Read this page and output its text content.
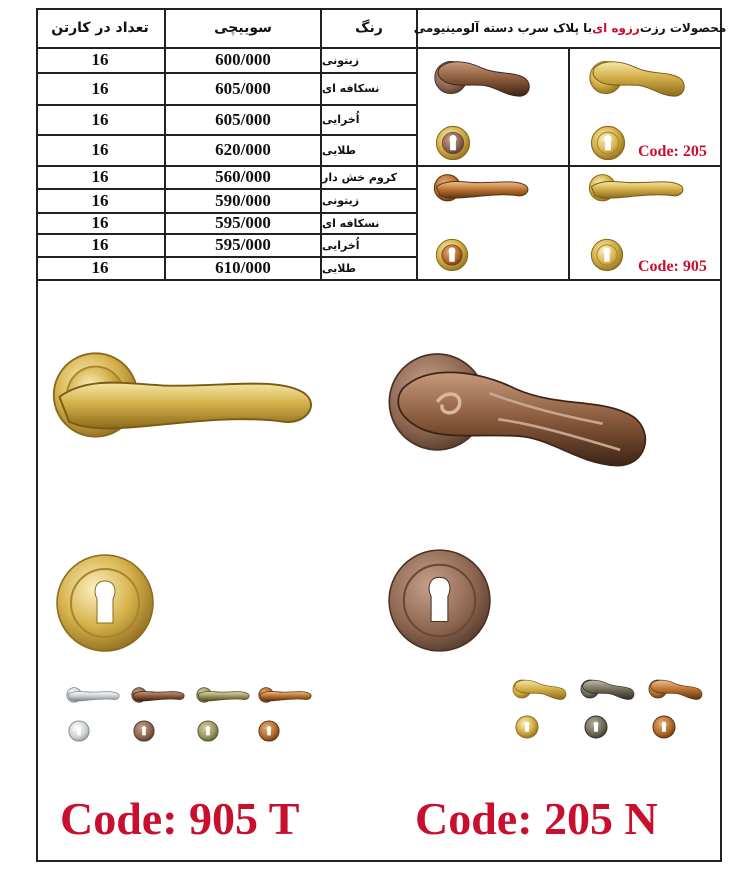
تعداد در کارتن	سوییچی	رنگ	محصولات رزت
رزوه ای
با پلاک سرب دسته آلومینیومی
16	600/000	زیتونی
16	605/000	نسکافه ای
16	605/000	اُخرایی
16	620/000	طلایی
16	560/000	کروم خش دار
16	590/000	زیتونی
16	595/000	نسکافه ای
16	595/000	اُخرایی
16	610/000	طلایی
Code: 205
Code: 905
Code: 905 T	Code: 205 N
